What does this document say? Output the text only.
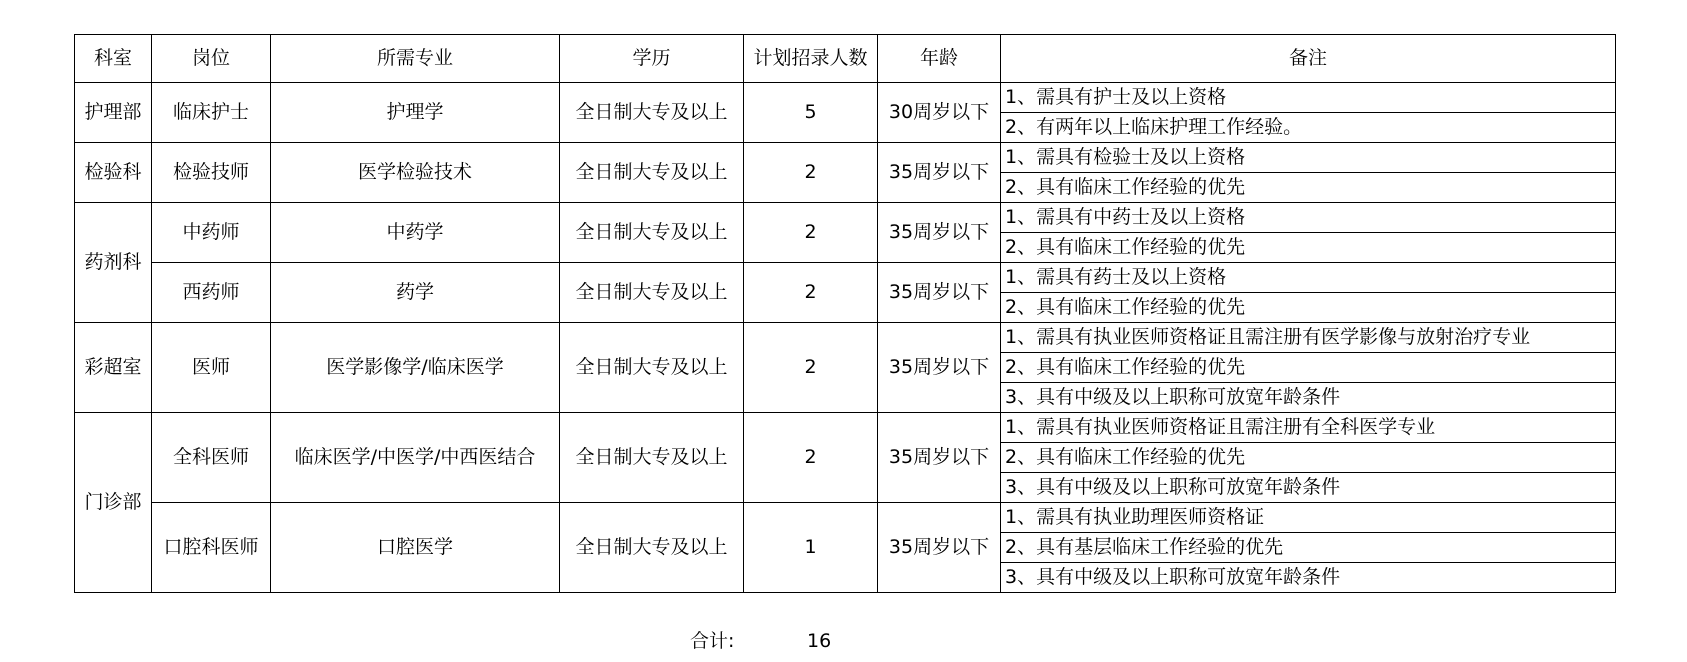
科室	岗位	所需专业	学历	计划招录人数	年龄	备注
护理部	临床护士	护理学	全日制大专及以上	5	30周岁以下	1、需具有护士及以上资格
						2、有两年以上临床护理工作经验。
检验科	检验技师	医学检验技术	全日制大专及以上	2	35周岁以下	1、需具有检验士及以上资格
						2、具有临床工作经验的优先
药剂科	中药师	中药学	全日制大专及以上	2	35周岁以下	1、需具有中药士及以上资格
						2、具有临床工作经验的优先
	西药师	药学	全日制大专及以上	2	35周岁以下	1、需具有药士及以上资格
						2、具有临床工作经验的优先
彩超室	医师	医学影像学/临床医学	全日制大专及以上	2	35周岁以下	1、需具有执业医师资格证且需注册有医学影像与放射治疗专业
						2、具有临床工作经验的优先
						3、具有中级及以上职称可放宽年龄条件
门诊部	全科医师	临床医学/中医学/中西医结合	全日制大专及以上	2	35周岁以下	1、需具有执业医师资格证且需注册有全科医学专业
						2、具有临床工作经验的优先
						3、具有中级及以上职称可放宽年龄条件
	口腔科医师	口腔医学	全日制大专及以上	1	35周岁以下	1、需具有执业助理医师资格证
						2、具有基层临床工作经验的优先
						3、具有中级及以上职称可放宽年龄条件
合计:	16
